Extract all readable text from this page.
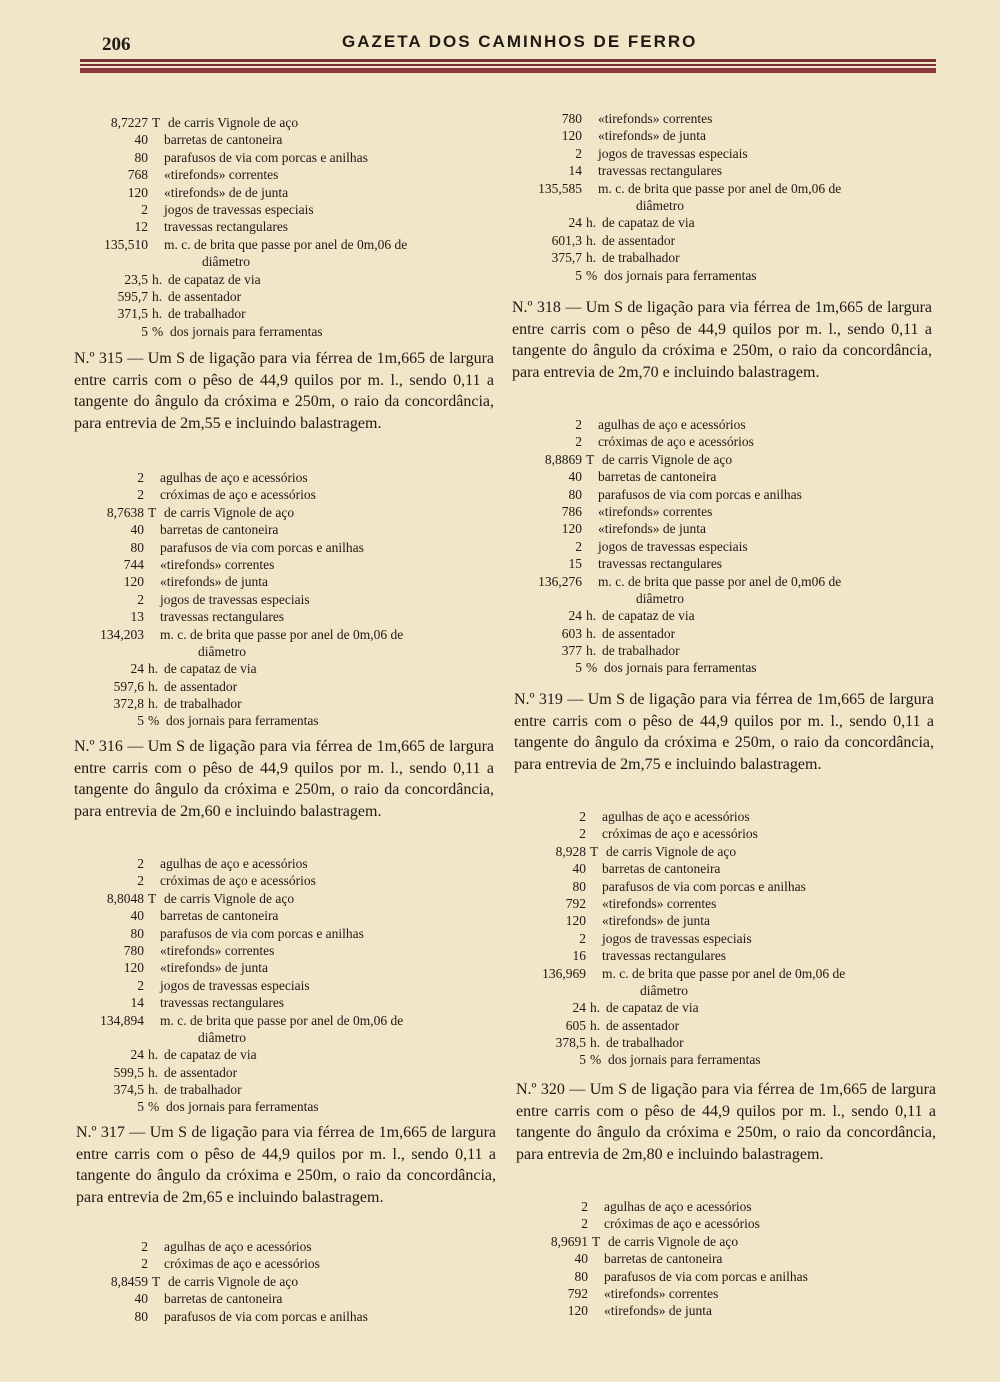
206	GAZETA DOS CAMINHOS DE FERRO
8,7227 T de carris Vignole de aço
40 barretas de cantoneira
80 parafusos de via com porcas e anilhas
768 «tirefonds» correntes
120 «tirefonds» de de junta
2 jogos de travessas especiais
12 travessas rectangulares
135,510 m. c. de brita que passe por anel de 0m,06 de
diâmetro
23,5 h. de capataz de via
595,7 h. de assentador
371,5 h. de trabalhador
5 % dos jornais para ferramentas
N.º 315 — Um S de ligação para via férrea de 1m,665 de largura entre carris com o pêso de 44,9 quilos por m. l., sendo 0,11 a tangente do ângulo da cróxima e 250m, o raio da concordância, para entrevia de 2m,55 e incluindo balastragem.
2 agulhas de aço e acessórios
2 cróximas de aço e acessórios
8,7638 T de carris Vignole de aço
40 barretas de cantoneira
80 parafusos de via com porcas e anilhas
744 «tirefonds» correntes
120 «tirefonds» de junta
2 jogos de travessas especiais
13 travessas rectangulares
134,203 m. c. de brita que passe por anel de 0m,06 de
diâmetro
24 h. de capataz de via
597,6 h. de assentador
372,8 h. de trabalhador
5 % dos jornais para ferramentas
N.º 316 — Um S de ligação para via férrea de 1m,665 de largura entre carris com o pêso de 44,9 quilos por m. l., sendo 0,11 a tangente do ângulo da cróxima e 250m, o raio da concordância, para entrevia de 2m,60 e incluindo balastragem.
2 agulhas de aço e acessórios
2 cróximas de aço e acessórios
8,8048 T de carris Vignole de aço
40 barretas de cantoneira
80 parafusos de via com porcas e anilhas
780 «tirefonds» correntes
120 «tirefonds» de junta
2 jogos de travessas especiais
14 travessas rectangulares
134,894 m. c. de brita que passe por anel de 0m,06 de
diâmetro
24 h. de capataz de via
599,5 h. de assentador
374,5 h. de trabalhador
5 % dos jornais para ferramentas
N.º 317 — Um S de ligação para via férrea de 1m,665 de largura entre carris com o pêso de 44,9 quilos por m. l., sendo 0,11 a tangente do ângulo da cróxima e 250m, o raio da concordância, para entrevia de 2m,65 e incluindo balastragem.
2 agulhas de aço e acessórios
2 cróximas de aço e acessórios
8,8459 T de carris Vignole de aço
40 barretas de cantoneira
80 parafusos de via com porcas e anilhas
780 «tirefonds» correntes
120 «tirefonds» de junta
2 jogos de travessas especiais
14 travessas rectangulares
135,585 m. c. de brita que passe por anel de 0m,06 de
diâmetro
24 h. de capataz de via
601,3 h. de assentador
375,7 h. de trabalhador
5 % dos jornais para ferramentas
N.º 318 — Um S de ligação para via férrea de 1m,665 de largura entre carris com o pêso de 44,9 quilos por m. l., sendo 0,11 a tangente do ângulo da cróxima e 250m, o raio da concordância, para entrevia de 2m,70 e incluindo balastragem.
2 agulhas de aço e acessórios
2 cróximas de aço e acessórios
8,8869 T de carris Vignole de aço
40 barretas de cantoneira
80 parafusos de via com porcas e anilhas
786 «tirefonds» correntes
120 «tirefonds» de junta
2 jogos de travessas especiais
15 travessas rectangulares
136,276 m. c. de brita que passe por anel de 0,m06 de
diâmetro
24 h. de capataz de via
603 h. de assentador
377 h. de trabalhador
5 % dos jornais para ferramentas
N.º 319 — Um S de ligação para via férrea de 1m,665 de largura entre carris com o pêso de 44,9 quilos por m. l., sendo 0,11 a tangente do ângulo da cróxima e 250m, o raio da concordância, para entrevia de 2m,75 e incluindo balastragem.
2 agulhas de aço e acessórios
2 cróximas de aço e acessórios
8,928 T de carris Vignole de aço
40 barretas de cantoneira
80 parafusos de via com porcas e anilhas
792 «tirefonds» correntes
120 «tirefonds» de junta
2 jogos de travessas especiais
16 travessas rectangulares
136,969 m. c. de brita que passe por anel de 0m,06 de
diâmetro
24 h. de capataz de via
605 h. de assentador
378,5 h. de trabalhador
5 % dos jornais para ferramentas
N.º 320 — Um S de ligação para via férrea de 1m,665 de largura entre carris com o pêso de 44,9 quilos por m. l., sendo 0,11 a tangente do ângulo da cróxima e 250m, o raio da concordância, para entrevia de 2m,80 e incluindo balastragem.
2 agulhas de aço e acessórios
2 cróximas de aço e acessórios
8,9691 T de carris Vignole de aço
40 barretas de cantoneira
80 parafusos de via com porcas e anilhas
792 «tirefonds» correntes
120 «tirefonds» de junta
